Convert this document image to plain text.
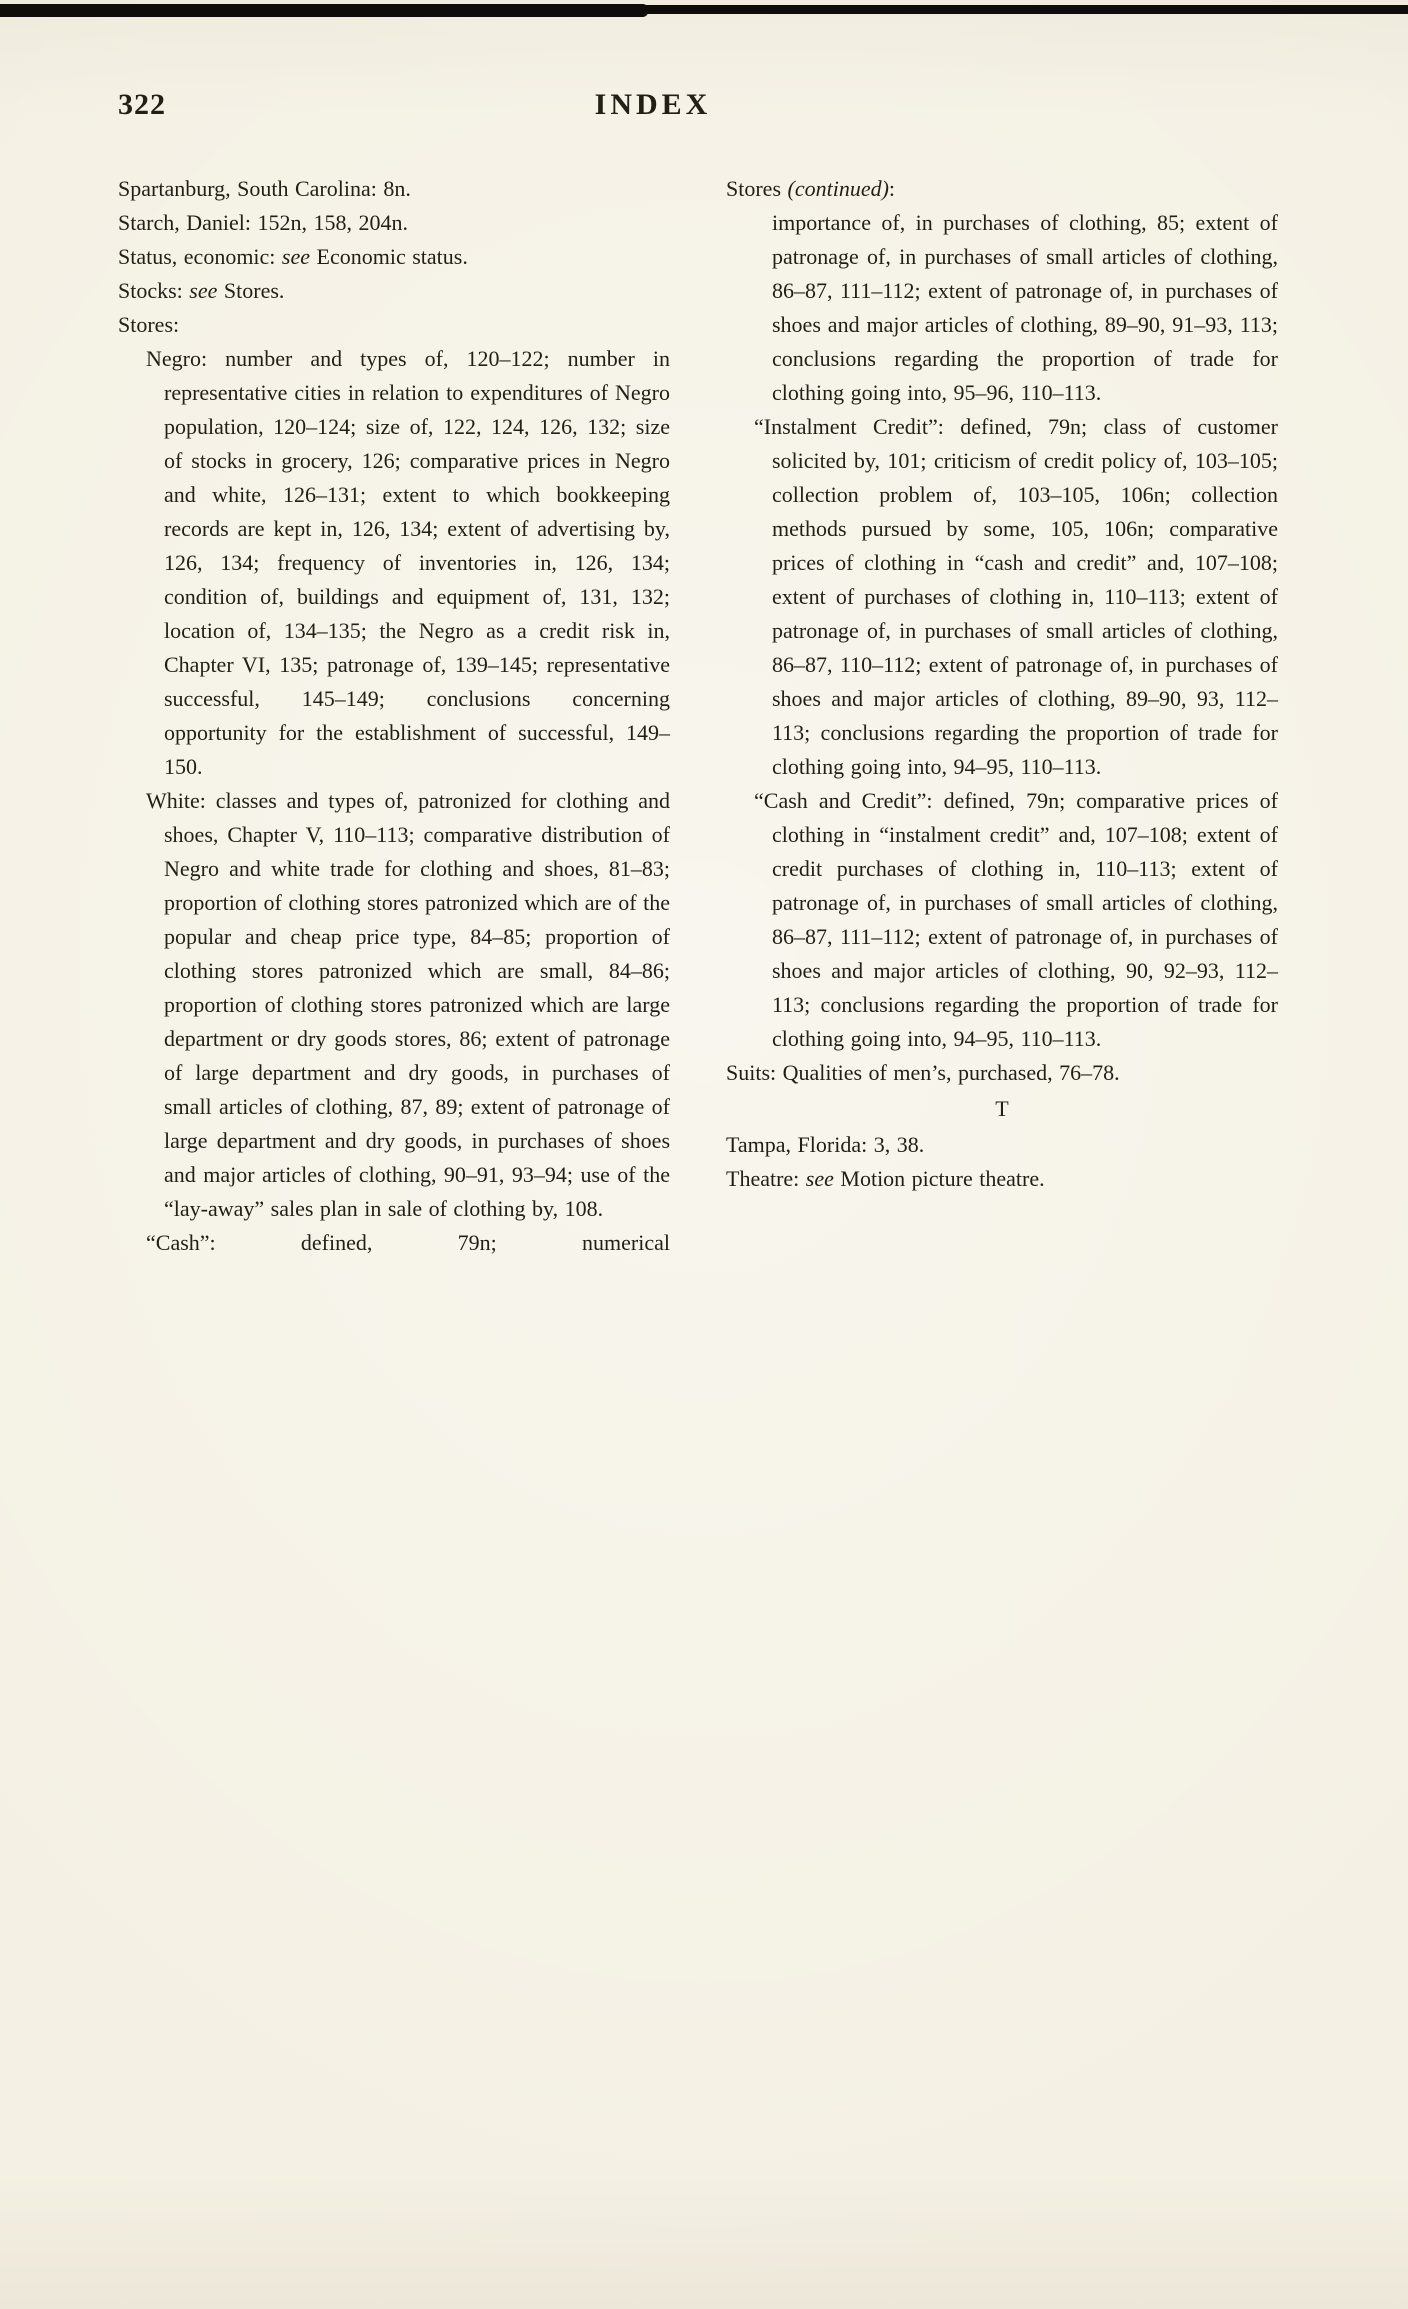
322	INDEX
Spartanburg, South Carolina: 8n.
Starch, Daniel: 152n, 158, 204n.
Status, economic: see Economic status.
Stocks: see Stores.
Stores:
Negro: number and types of, 120–122; number in representative cities in relation to expenditures of Negro population, 120–124; size of, 122, 124, 126, 132; size of stocks in grocery, 126; comparative prices in Negro and white, 126–131; extent to which bookkeeping records are kept in, 126, 134; extent of advertising by, 126, 134; frequency of inventories in, 126, 134; condition of, buildings and equipment of, 131, 132; location of, 134–135; the Negro as a credit risk in, Chapter VI, 135; patronage of, 139–145; representative successful, 145–149; conclusions concerning opportunity for the establishment of successful, 149–150.
White: classes and types of, patronized for clothing and shoes, Chapter V, 110–113; comparative distribution of Negro and white trade for clothing and shoes, 81–83; proportion of clothing stores patronized which are of the popular and cheap price type, 84–85; proportion of clothing stores patronized which are small, 84–86; proportion of clothing stores patronized which are large department or dry goods stores, 86; extent of patronage of large department and dry goods, in purchases of small articles of clothing, 87, 89; extent of patronage of large department and dry goods, in purchases of shoes and major articles of clothing, 90–91, 93–94; use of the “lay-away” sales plan in sale of clothing by, 108.
“Cash”: defined, 79n; numerical
Stores (continued):
importance of, in purchases of clothing, 85; extent of patronage of, in purchases of small articles of clothing, 86–87, 111–112; extent of patronage of, in purchases of shoes and major articles of clothing, 89–90, 91–93, 113; conclusions regarding the proportion of trade for clothing going into, 95–96, 110–113.
“Instalment Credit”: defined, 79n; class of customer solicited by, 101; criticism of credit policy of, 103–105; collection problem of, 103–105, 106n; collection methods pursued by some, 105, 106n; comparative prices of clothing in “cash and credit” and, 107–108; extent of purchases of clothing in, 110–113; extent of patronage of, in purchases of small articles of clothing, 86–87, 110–112; extent of patronage of, in purchases of shoes and major articles of clothing, 89–90, 93, 112–113; conclusions regarding the proportion of trade for clothing going into, 94–95, 110–113.
“Cash and Credit”: defined, 79n; comparative prices of clothing in “instalment credit” and, 107–108; extent of credit purchases of clothing in, 110–113; extent of patronage of, in purchases of small articles of clothing, 86–87, 111–112; extent of patronage of, in purchases of shoes and major articles of clothing, 90, 92–93, 112–113; conclusions regarding the proportion of trade for clothing going into, 94–95, 110–113.
Suits: Qualities of men’s, purchased, 76–78.
T
Tampa, Florida: 3, 38.
Theatre: see Motion picture theatre.
